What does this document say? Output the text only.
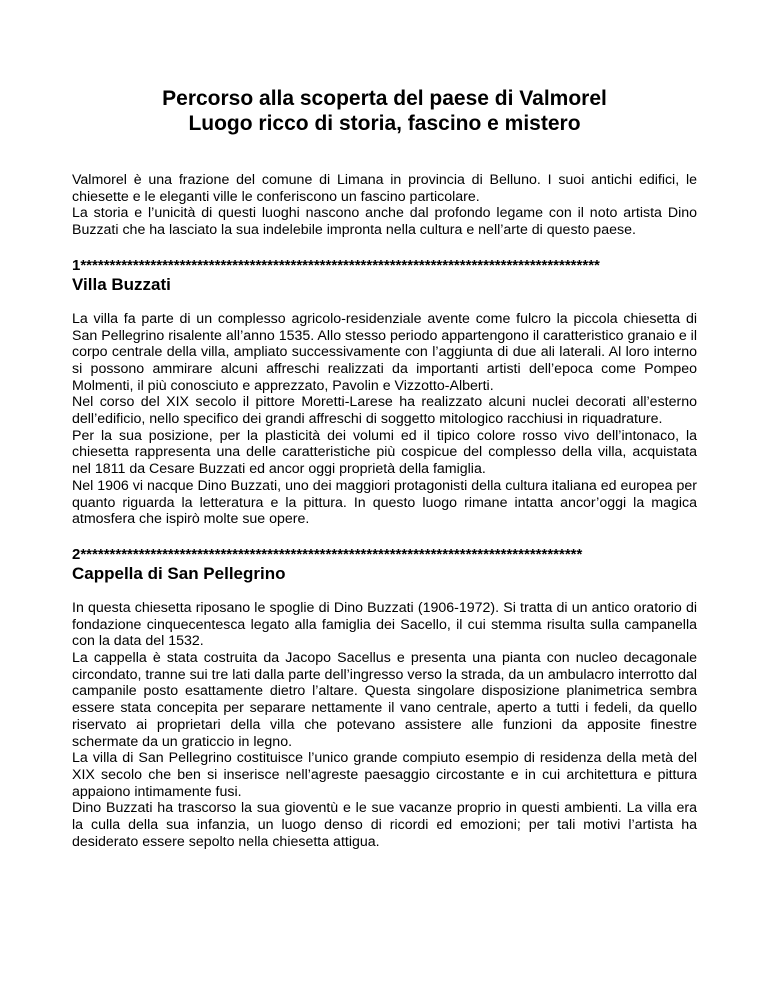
Percorso alla scoperta del paese di Valmorel
Luogo ricco di storia, fascino e mistero

Valmorel è una frazione del comune di Limana in provincia di Belluno. I suoi antichi edifici, le chiesette e le eleganti ville le conferiscono un fascino particolare.

La storia e l’unicità di questi luoghi nascono anche dal profondo legame con il noto artista Dino Buzzati che ha lasciato la sua indelebile impronta nella cultura e nell’arte di questo paese.

1*****************************************************************************************
Villa Buzzati

La villa fa parte di un complesso agricolo-residenziale avente come fulcro la piccola chiesetta di San Pellegrino risalente all’anno 1535. Allo stesso periodo appartengono il caratteristico granaio e il corpo centrale della villa, ampliato successivamente con l’aggiunta di due ali laterali. Al loro interno si possono ammirare alcuni affreschi realizzati da importanti artisti dell’epoca come Pompeo Molmenti, il più conosciuto e apprezzato, Pavolin e Vizzotto-Alberti.

Nel corso del XIX secolo il pittore Moretti-Larese ha realizzato alcuni nuclei decorati all’esterno dell’edificio, nello specifico dei grandi affreschi di soggetto mitologico racchiusi in riquadrature.

Per la sua posizione, per la plasticità dei volumi ed il tipico colore rosso vivo dell’intonaco, la chiesetta rappresenta una delle caratteristiche più cospicue del complesso della villa, acquistata nel 1811 da Cesare Buzzati ed ancor oggi proprietà della famiglia.

Nel 1906 vi nacque Dino Buzzati, uno dei maggiori protagonisti della cultura italiana ed europea per quanto riguarda la letteratura e la pittura. In questo luogo rimane intatta ancor’oggi la magica atmosfera che ispirò molte sue opere.

2**************************************************************************************
Cappella di San Pellegrino

In questa chiesetta riposano le spoglie di Dino Buzzati (1906-1972). Si tratta di un antico oratorio di fondazione cinquecentesca legato alla famiglia dei Sacello, il cui stemma risulta sulla campanella con la data del 1532.

La cappella è stata costruita da Jacopo Sacellus e presenta una pianta con nucleo decagonale circondato, tranne sui tre lati dalla parte dell’ingresso verso la strada, da un ambulacro interrotto dal campanile posto esattamente dietro l’altare. Questa singolare disposizione planimetrica sembra essere stata concepita per separare nettamente il vano centrale, aperto a tutti i fedeli, da quello riservato ai proprietari della villa che potevano assistere alle funzioni da apposite finestre schermate da un graticcio in legno.

La villa di San Pellegrino costituisce l’unico grande compiuto esempio di residenza della metà del XIX secolo che ben si inserisce nell’agreste paesaggio circostante e in cui architettura e pittura appaiono intimamente fusi.

Dino Buzzati ha trascorso la sua gioventù e le sue vacanze proprio in questi ambienti. La villa era la culla della sua infanzia, un luogo denso di ricordi ed emozioni; per tali motivi l’artista ha desiderato essere sepolto nella chiesetta attigua.
